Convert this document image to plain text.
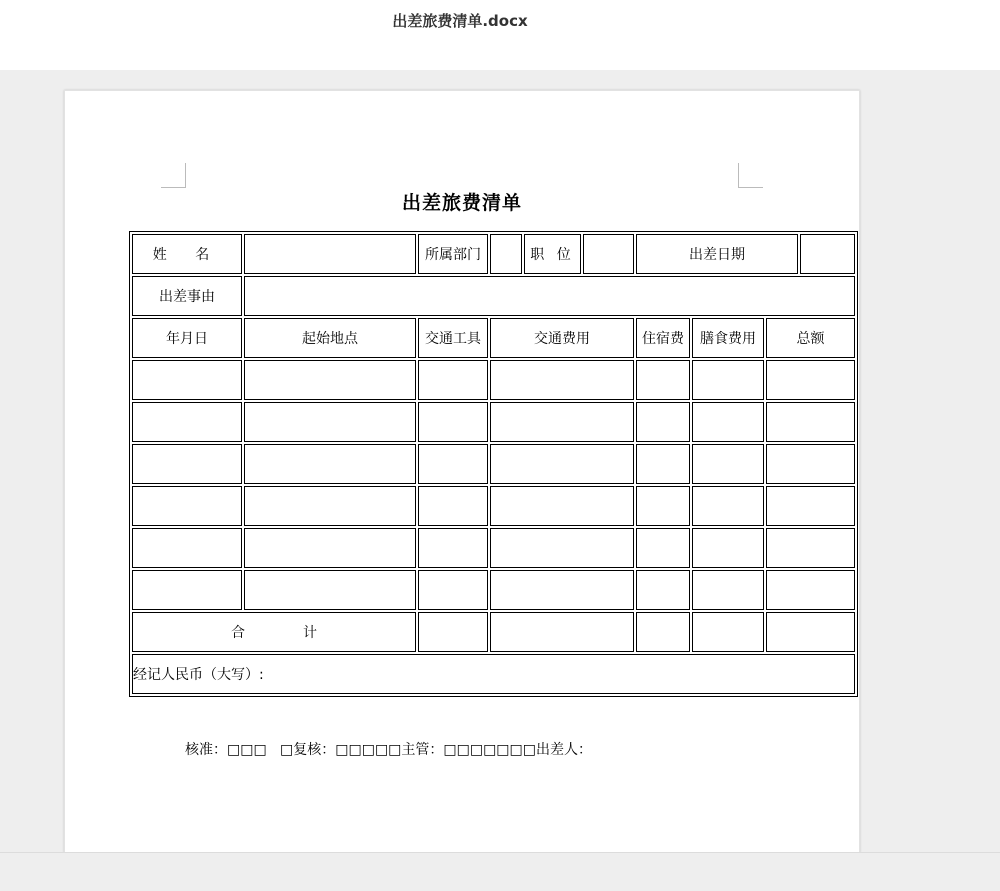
出差旅费清单.docx
出差旅费清单
姓 名		所属部门		职 位		出差日期			
出差事由									
年月日	起始地点	交通工具	交通费用			住宿费	膳食费用	总额	

合 计									
经记人民币（大写）:									
核准：□□□   □复核：□□□□□主管：□□□□□□□出差人：
